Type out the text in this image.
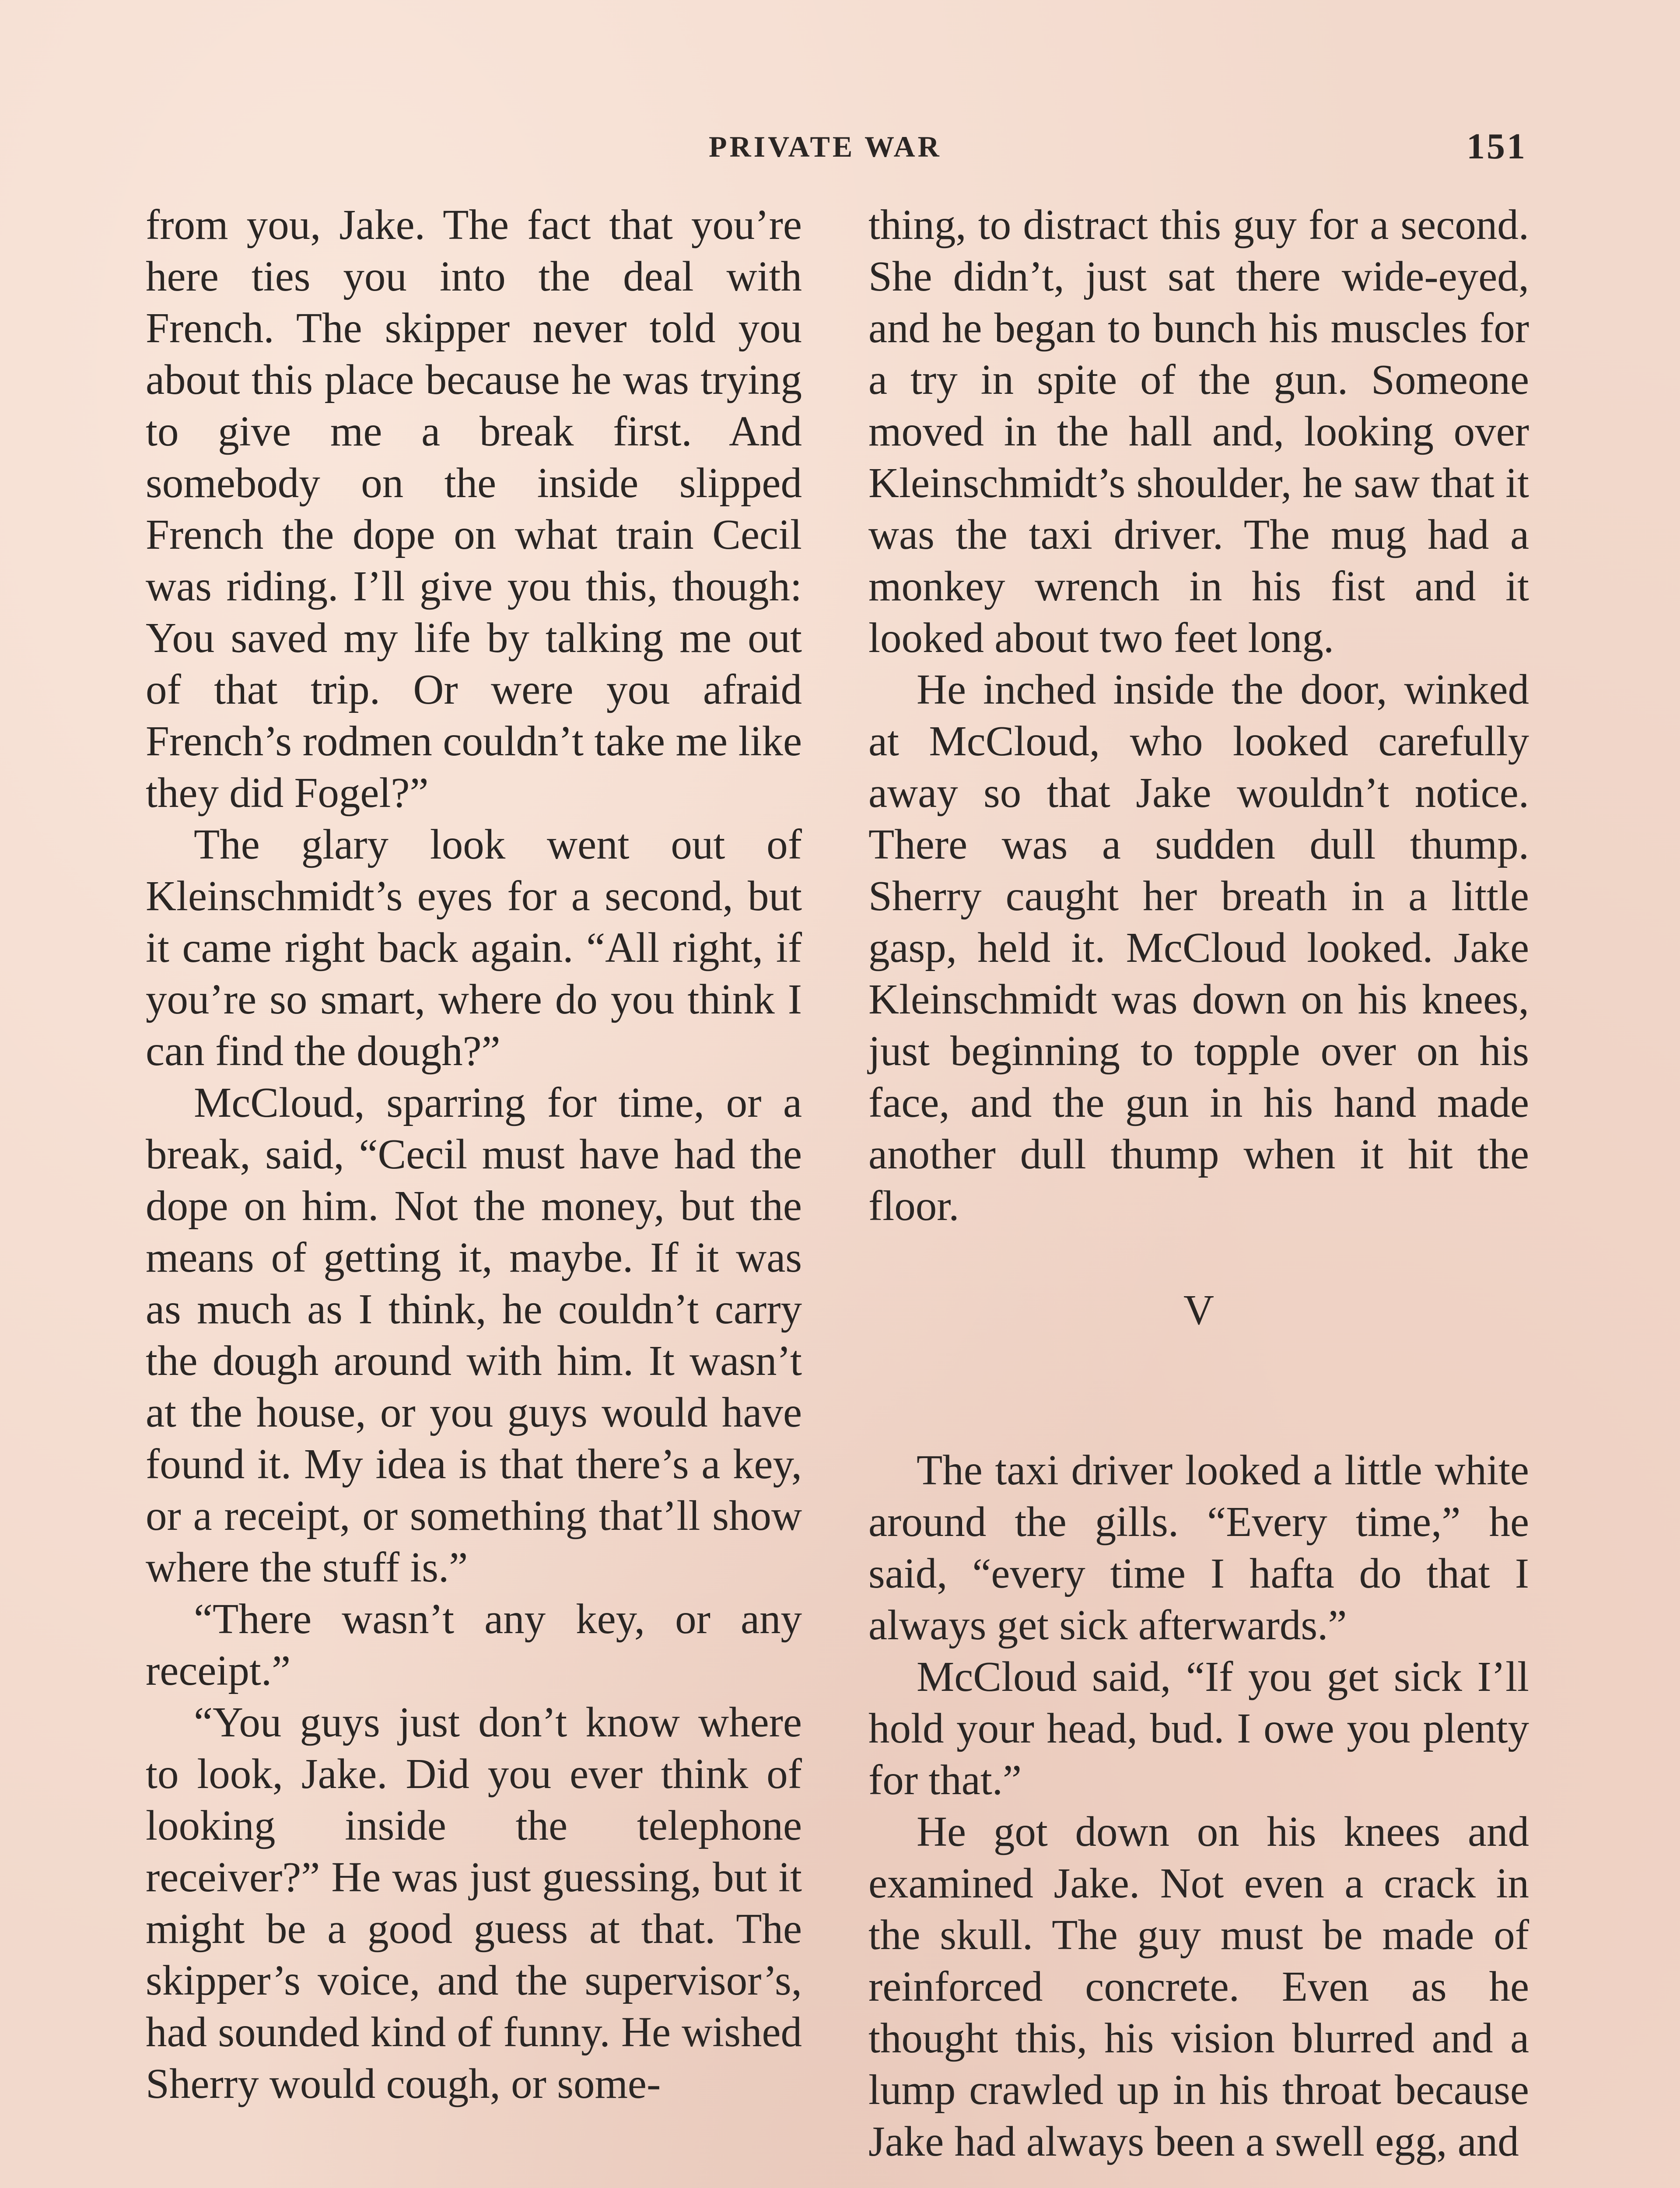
PRIVATE WAR	151

from you, Jake. The fact that you’re here ties you into the deal with French. The skipper never told you about this place because he was trying to give me a break first. And somebody on the inside slipped French the dope on what train Cecil was riding. I’ll give you this, though: You saved my life by talking me out of that trip. Or were you afraid French’s rodmen couldn’t take me like they did Fogel?”

The glary look went out of Kleinschmidt’s eyes for a second, but it came right back again. “All right, if you’re so smart, where do you think I can find the dough?”

McCloud, sparring for time, or a break, said, “Cecil must have had the dope on him. Not the money, but the means of getting it, maybe. If it was as much as I think, he couldn’t carry the dough around with him. It wasn’t at the house, or you guys would have found it. My idea is that there’s a key, or a receipt, or something that’ll show where the stuff is.”

“There wasn’t any key, or any receipt.”

“You guys just don’t know where to look, Jake. Did you ever think of looking inside the telephone receiver?” He was just guessing, but it might be a good guess at that. The skipper’s voice, and the supervisor’s, had sounded kind of funny. He wished Sherry would cough, or some-

thing, to distract this guy for a second. She didn’t, just sat there wide-eyed, and he began to bunch his muscles for a try in spite of the gun. Someone moved in the hall and, looking over Kleinschmidt’s shoulder, he saw that it was the taxi driver. The mug had a monkey wrench in his fist and it looked about two feet long.

He inched inside the door, winked at McCloud, who looked carefully away so that Jake wouldn’t notice. There was a sudden dull thump. Sherry caught her breath in a little gasp, held it. McCloud looked. Jake Kleinschmidt was down on his knees, just beginning to topple over on his face, and the gun in his hand made another dull thump when it hit the floor.

V

The taxi driver looked a little white around the gills. “Every time,” he said, “every time I hafta do that I always get sick afterwards.”

McCloud said, “If you get sick I’ll hold your head, bud. I owe you plenty for that.”

He got down on his knees and examined Jake. Not even a crack in the skull. The guy must be made of reinforced concrete. Even as he thought this, his vision blurred and a lump crawled up in his throat because Jake had always been a swell egg, and
